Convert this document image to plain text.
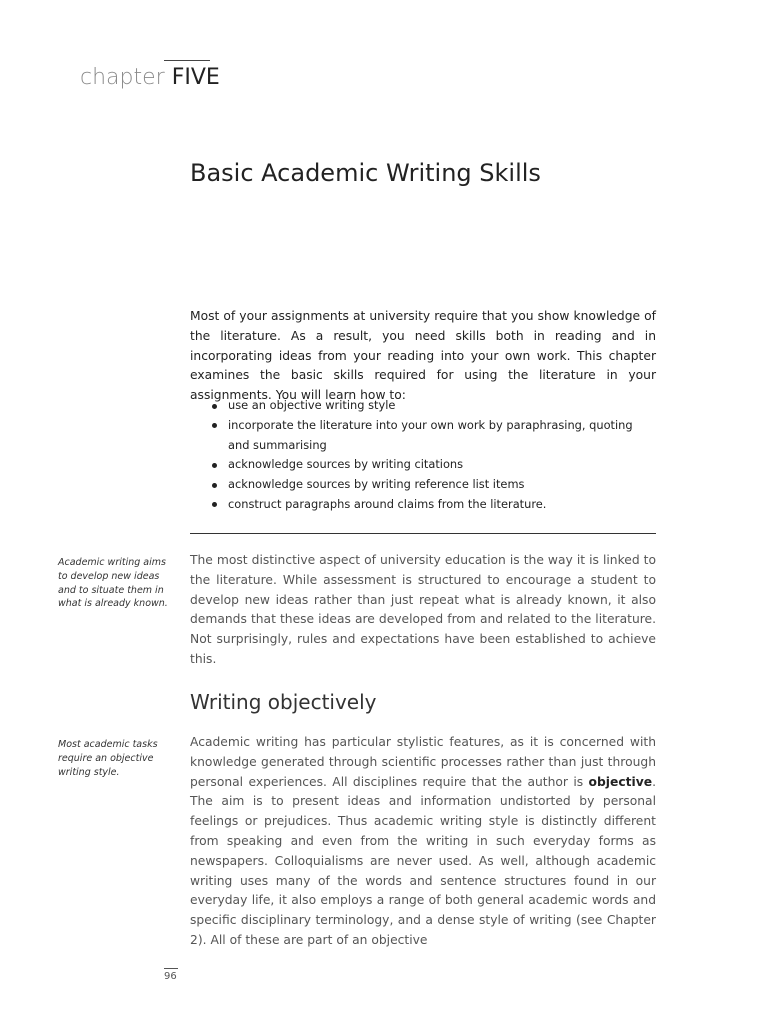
chapter FIVE
Basic Academic Writing Skills

Most of your assignments at university require that you show knowledge of the literature. As a result, you need skills both in reading and in incorporating ideas from your reading into your own work. This chapter examines the basic skills required for using the literature in your assignments. You will learn how to:

use an objective writing style
incorporate the literature into your own work by paraphrasing, quoting and summarising
acknowledge sources by writing citations
acknowledge sources by writing reference list items
construct paragraphs around claims from the literature.

Academic writing aims to develop new ideas and to situate them in what is already known.

The most distinctive aspect of university education is the way it is linked to the literature. While assessment is structured to encourage a student to develop new ideas rather than just repeat what is already known, it also demands that these ideas are developed from and related to the literature. Not surprisingly, rules and expectations have been established to achieve this.

Writing objectively

Most academic tasks require an objective writing style.

Academic writing has particular stylistic features, as it is concerned with knowledge generated through scientific processes rather than just through personal experiences. All disciplines require that the author is objective. The aim is to present ideas and information undistorted by personal feelings or prejudices. Thus academic writing style is distinctly different from speaking and even from the writing in such everyday forms as newspapers. Colloquialisms are never used. As well, although academic writing uses many of the words and sentence structures found in our everyday life, it also employs a range of both general academic words and specific disciplinary terminology, and a dense style of writing (see Chapter 2). All of these are part of an objective

96
